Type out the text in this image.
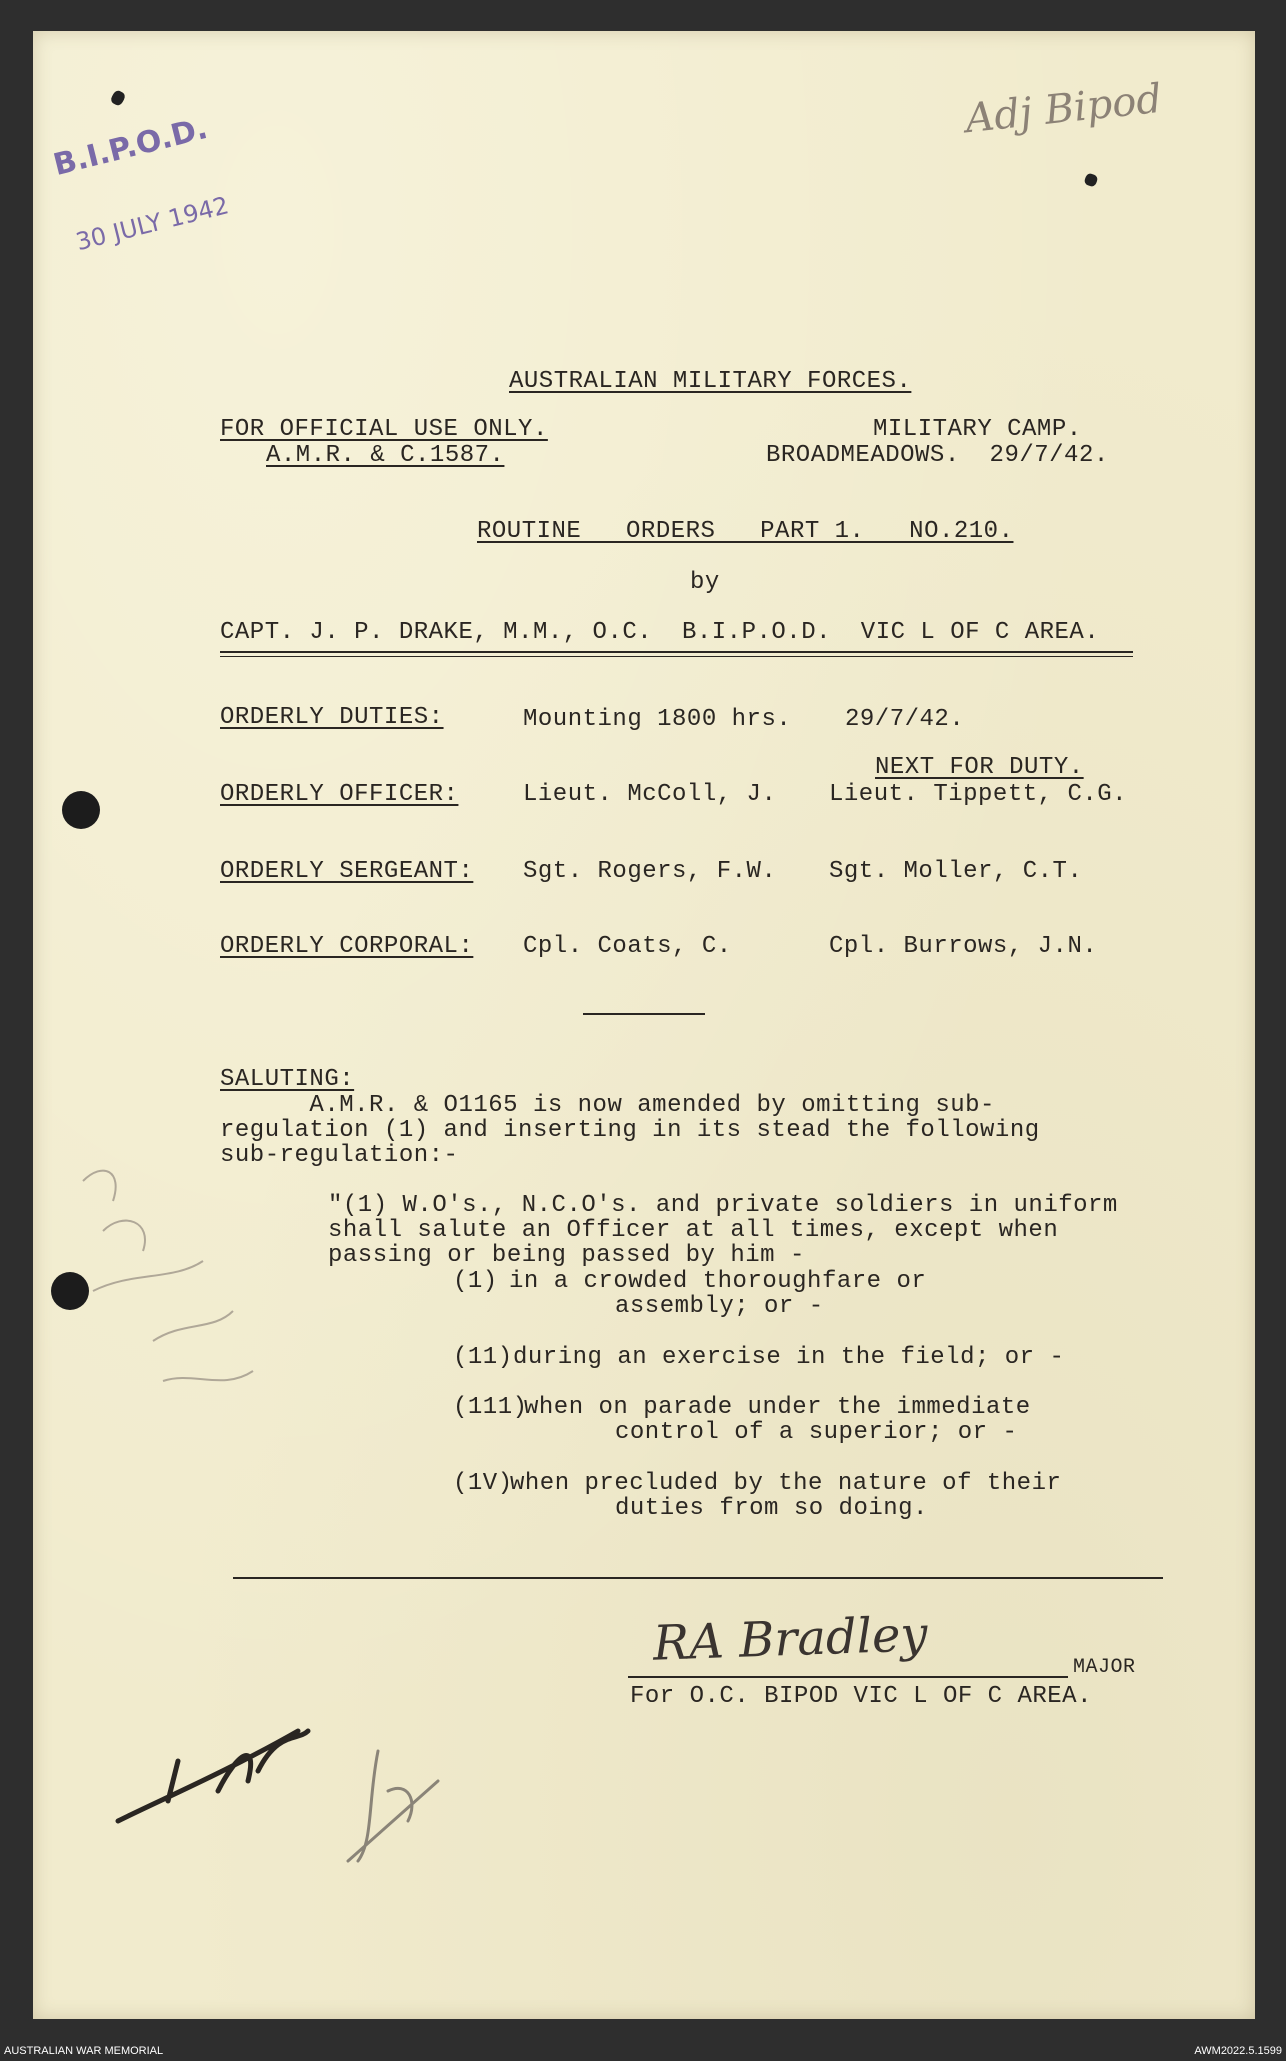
B.I.P.O.D.
30 JULY 1942
Adj Bipod
AUSTRALIAN MILITARY FORCES.
FOR OFFICIAL USE ONLY.
A.M.R. & C.1587.
MILITARY CAMP.
BROADMEADOWS.  29/7/42.
ROUTINE   ORDERS   PART 1.   NO.210.
by
CAPT. J. P. DRAKE, M.M., O.C.  B.I.P.O.D.  VIC L OF C AREA.
ORDERLY DUTIES:	Mounting 1800 hrs. 29/7/42.
NEXT FOR DUTY.
ORDERLY OFFICER:	Lieut. McColl, J. Lieut. Tippett, C.G.
ORDERLY SERGEANT: Sgt. Rogers, F.W. Sgt. Moller, C.T.
ORDERLY CORPORAL: Cpl. Coats, C.	Cpl. Burrows, J.N.
SALUTING:
A.M.R. & O1165 is now amended by omitting sub-
regulation (1) and inserting in its stead the following
sub-regulation:-
"(1) W.O's., N.C.O's. and private soldiers in uniform
shall salute an Officer at all times, except when
passing or being passed by him -
(1) in a crowded thoroughfare or
assembly; or -
(11) during an exercise in the field; or -
(111)
when on parade under the immediate
control of a superior; or -
(1V)
when precluded by the nature of their
duties from so doing.
RA Bradley	MAJOR
For O.C. BIPOD VIC L OF C AREA.
AUSTRALIAN WAR MEMORIAL	AWM2022.5.1599
